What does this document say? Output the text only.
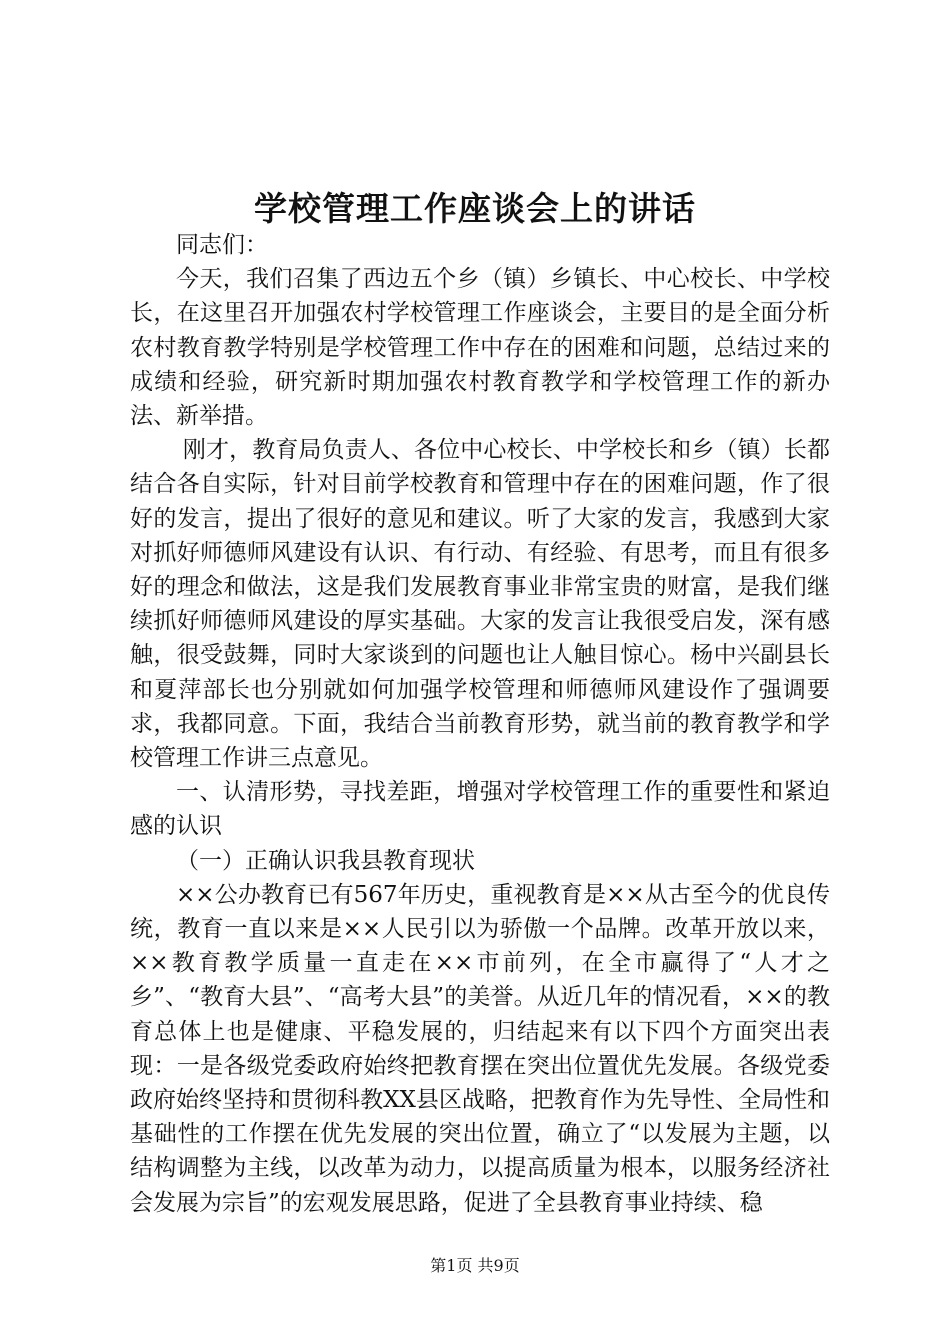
学校管理工作座谈会上的讲话

同志们：

今天，我们召集了西边五个乡（镇）乡镇长、中心校长、中学校长，在这里召开加强农村学校管理工作座谈会，主要目的是全面分析农村教育教学特别是学校管理工作中存在的困难和问题，总结过来的成绩和经验，研究新时期加强农村教育教学和学校管理工作的新办法、新举措。

刚才，教育局负责人、各位中心校长、中学校长和乡（镇）长都结合各自实际，针对目前学校教育和管理中存在的困难问题，作了很好的发言，提出了很好的意见和建议。听了大家的发言，我感到大家对抓好师德师风建设有认识、有行动、有经验、有思考，而且有很多好的理念和做法，这是我们发展教育事业非常宝贵的财富，是我们继续抓好师德师风建设的厚实基础。大家的发言让我很受启发，深有感触，很受鼓舞，同时大家谈到的问题也让人触目惊心。杨中兴副县长和夏萍部长也分别就如何加强学校管理和师德师风建设作了强调要求，我都同意。下面，我结合当前教育形势，就当前的教育教学和学校管理工作讲三点意见。

一、认清形势，寻找差距，增强对学校管理工作的重要性和紧迫感的认识

（一）正确认识我县教育现状

××公办教育已有567年历史，重视教育是××从古至今的优良传统，教育一直以来是××人民引以为骄傲一个品牌。改革开放以来，××教育教学质量一直走在××市前列，在全市赢得了“人才之乡”、“教育大县”、“高考大县”的美誉。从近几年的情况看，××的教育总体上也是健康、平稳发展的，归结起来有以下四个方面突出表现：一是各级党委政府始终把教育摆在突出位置优先发展。各级党委政府始终坚持和贯彻科教XX县区战略，把教育作为先导性、全局性和基础性的工作摆在优先发展的突出位置，确立了“以发展为主题，以结构调整为主线，以改革为动力，以提高质量为根本，以服务经济社会发展为宗旨”的宏观发展思路，促进了全县教育事业持续、稳

第1页 共9页
